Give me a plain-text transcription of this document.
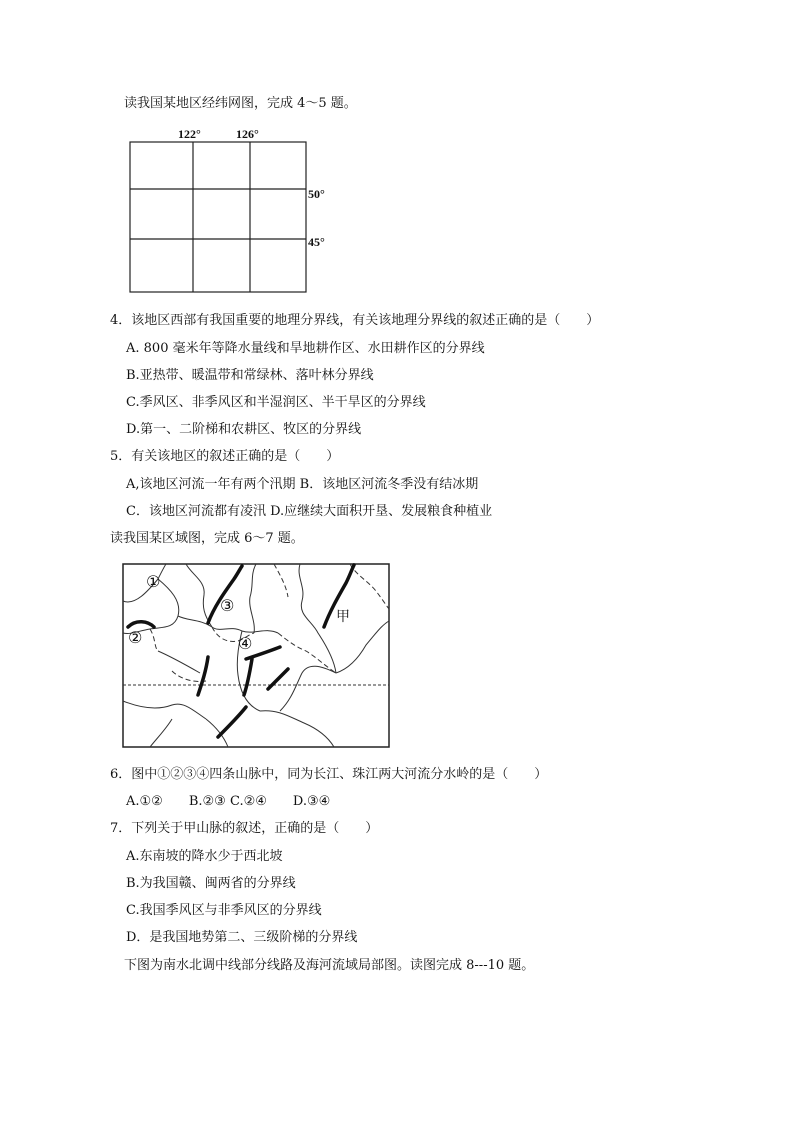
读我国某地区经纬网图，完成 4～5 题。
122°	126°
50°
45°
4．该地区西部有我国重要的地理分界线，有关该地理分界线的叙述正确的是（　　）
A. 800 毫米年等降水量线和旱地耕作区、水田耕作区的分界线
B.亚热带、暖温带和常绿林、落叶林分界线
C.季风区、非季风区和半湿润区、半干旱区的分界线
D.第一、二阶梯和农耕区、牧区的分界线
5．有关该地区的叙述正确的是（　　）
A,该地区河流一年有两个汛期 B．该地区河流冬季没有结冰期
C．该地区河流都有凌汛 D.应继续大面积开垦、发展粮食种植业
读我国某区域图，完成 6～7 题。
①
②
③
④
甲
6．图中①②③④四条山脉中，同为长江、珠江两大河流分水岭的是（　　）
A.①②　　B.②③ C.②④　　D.③④
7．下列关于甲山脉的叙述，正确的是（　　）
A.东南坡的降水少于西北坡
B.为我国赣、闽两省的分界线
C.我国季风区与非季风区的分界线
D．是我国地势第二、三级阶梯的分界线
下图为南水北调中线部分线路及海河流域局部图。读图完成 8---10 题。
